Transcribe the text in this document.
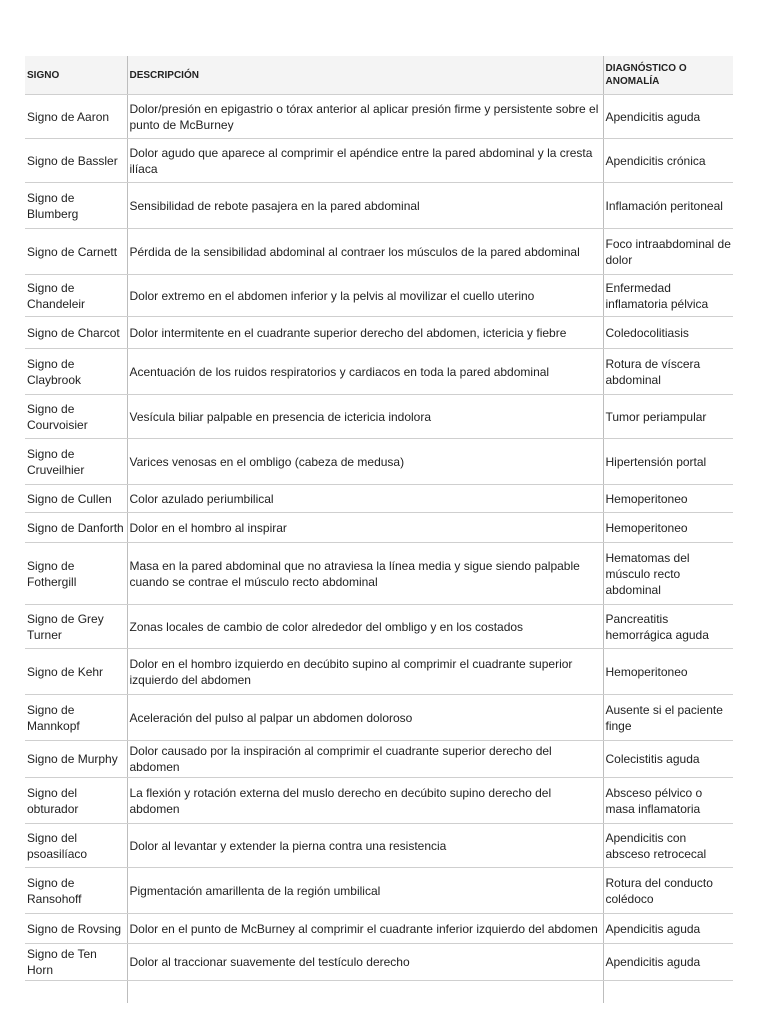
SIGNO	DESCRIPCIÓN	DIAGNÓSTICO O ANOMALÍA
Signo de Aaron	Dolor/presión en epigastrio o tórax anterior al aplicar presión firme y persistente sobre el punto de McBurney	Apendicitis aguda
Signo de Bassler	Dolor agudo que aparece al comprimir el apéndice entre la pared abdominal y la cresta ilíaca	Apendicitis crónica
Signo de Blumberg	Sensibilidad de rebote pasajera en la pared abdominal	Inflamación peritoneal
Signo de Carnett	Pérdida de la sensibilidad abdominal al contraer los músculos de la pared abdominal	Foco intraabdominal de dolor
Signo de Chandeleir	Dolor extremo en el abdomen inferior y la pelvis al movilizar el cuello uterino	Enfermedad inflamatoria pélvica
Signo de Charcot	Dolor intermitente en el cuadrante superior derecho del abdomen, ictericia y fiebre	Coledocolitiasis
Signo de Claybrook	Acentuación de los ruidos respiratorios y cardiacos en toda la pared abdominal	Rotura de víscera abdominal
Signo de Courvoisier	Vesícula biliar palpable en presencia de ictericia indolora	Tumor periampular
Signo de Cruveilhier	Varices venosas en el ombligo (cabeza de medusa)	Hipertensión portal
Signo de Cullen	Color azulado periumbilical	Hemoperitoneo
Signo de Danforth	Dolor en el hombro al inspirar	Hemoperitoneo
Signo de Fothergill	Masa en la pared abdominal que no atraviesa la línea media y sigue siendo palpable cuando se contrae el músculo recto abdominal	Hematomas del músculo recto abdominal
Signo de Grey Turner	Zonas locales de cambio de color alrededor del ombligo y en los costados	Pancreatitis hemorrágica aguda
Signo de Kehr	Dolor en el hombro izquierdo en decúbito supino al comprimir el cuadrante superior izquierdo del abdomen	Hemoperitoneo
Signo de Mannkopf	Aceleración del pulso al palpar un abdomen doloroso	Ausente si el paciente finge
Signo de Murphy	Dolor causado por la inspiración al comprimir el cuadrante superior derecho del abdomen	Colecistitis aguda
Signo del obturador	La flexión y rotación externa del muslo derecho en decúbito supino derecho del abdomen	Absceso pélvico o masa inflamatoria
Signo del psoasilíaco	Dolor al levantar y extender la pierna contra una resistencia	Apendicitis con absceso retrocecal
Signo de Ransohoff	Pigmentación amarillenta de la región umbilical	Rotura del conducto colédoco
Signo de Rovsing	Dolor en el punto de McBurney al comprimir el cuadrante inferior izquierdo del abdomen	Apendicitis aguda
Signo de Ten Horn	Dolor al traccionar suavemente del testículo derecho	Apendicitis aguda
